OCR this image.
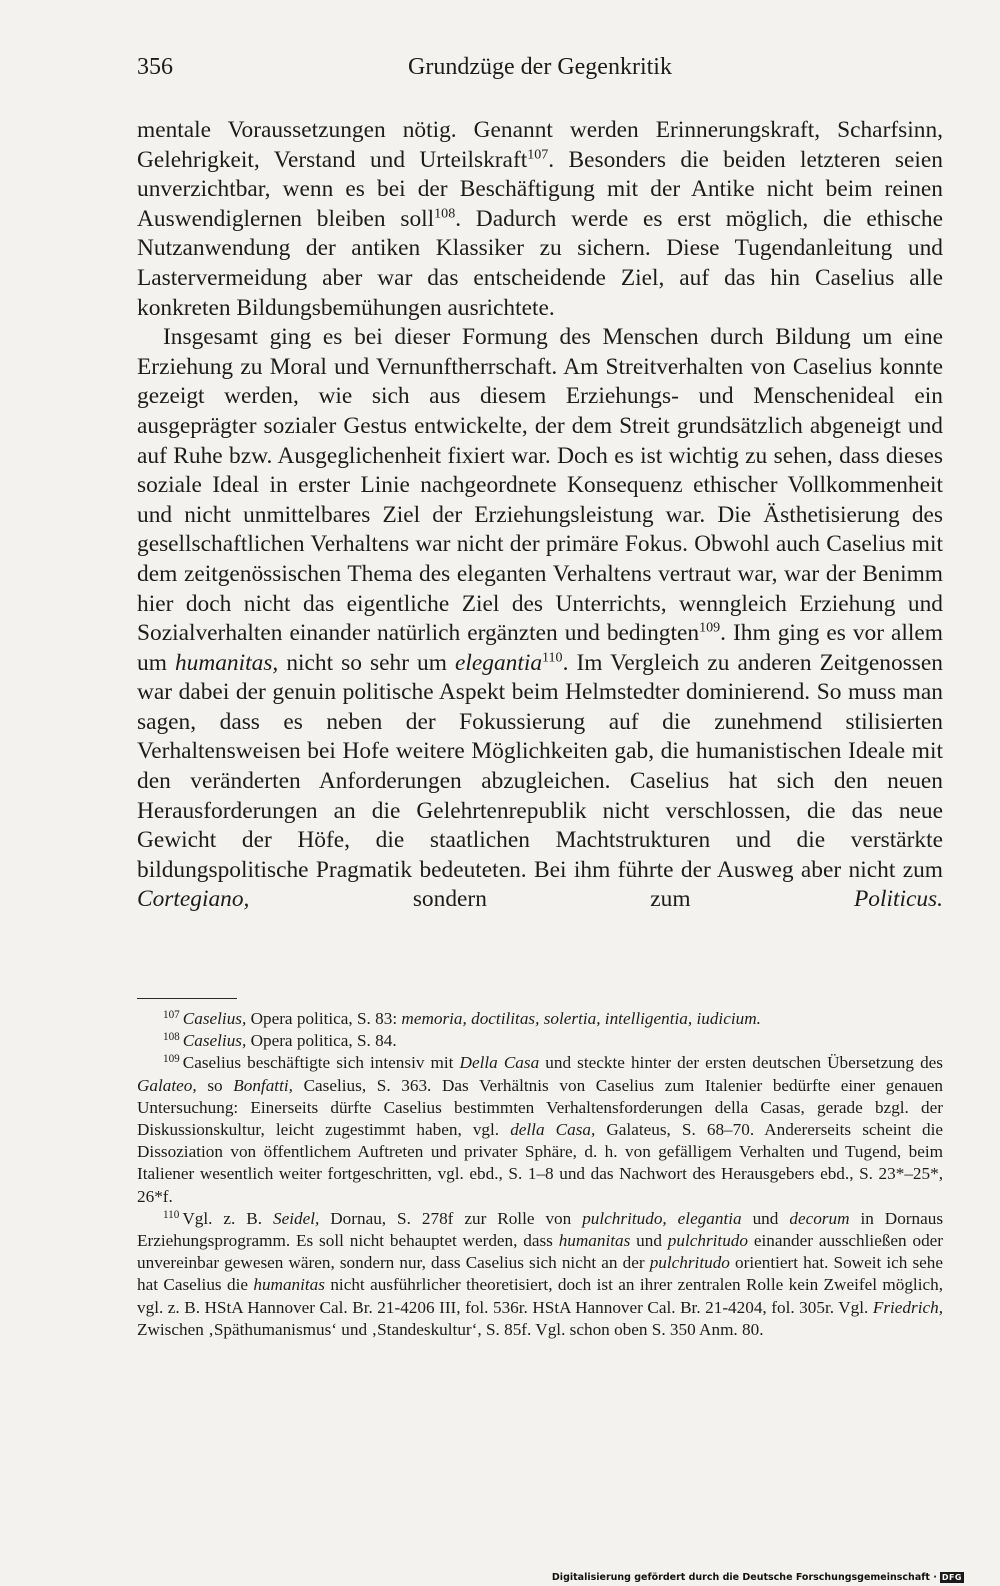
Grundzüge der Gegenkritik
356

mentale Voraussetzungen nötig. Genannt werden Erinnerungskraft, Scharfsinn, Gelehrigkeit, Verstand und Urteilskraft$^{107}$. Besonders die beiden letzteren seien unverzichtbar, wenn es bei der Beschäftigung mit der Antike nicht beim reinen Auswendiglernen bleiben soll$^{108}$. Dadurch werde es erst möglich, die ethische Nutzanwendung der antiken Klassiker zu sichern. Diese Tugendanleitung und Lastervermeidung aber war das entscheidende Ziel, auf das hin Caselius alle konkreten Bildungsbemühungen ausrichtete.

Insgesamt ging es bei dieser Formung des Menschen durch Bildung um eine Erziehung zu Moral und Vernunftherrschaft. Am Streitverhalten von Caselius konnte gezeigt werden, wie sich aus diesem Erziehungs- und Menschenideal ein ausgeprägter sozialer Gestus entwickelte, der dem Streit grundsätzlich abgeneigt und auf Ruhe bzw. Ausgeglichenheit fixiert war. Doch es ist wichtig zu sehen, dass dieses soziale Ideal in erster Linie nachgeordnete Konsequenz ethischer Vollkommenheit und nicht unmittelbares Ziel der Erziehungsleistung war. Die Ästhetisierung des gesellschaftlichen Verhaltens war nicht der primäre Fokus. Obwohl auch Caselius mit dem zeitgenössischen Thema des eleganten Verhaltens vertraut war, war der Benimm hier doch nicht das eigentliche Ziel des Unterrichts, wenngleich Erziehung und Sozialverhalten einander natürlich ergänzten und bedingten$^{109}$. Ihm ging es vor allem um humanitas, nicht so sehr um elegantia$^{110}$. Im Vergleich zu anderen Zeitgenossen war dabei der genuin politische Aspekt beim Helmstedter dominierend. So muss man sagen, dass es neben der Fokussierung auf die zunehmend stilisierten Verhaltensweisen bei Hofe weitere Möglichkeiten gab, die humanistischen Ideale mit den veränderten Anforderungen abzugleichen. Caselius hat sich den neuen Herausforderungen an die Gelehrtenrepublik nicht verschlossen, die das neue Gewicht der Höfe, die staatlichen Machtstrukturen und die verstärkte bildungspolitische Pragmatik bedeuteten. Bei ihm führte der Ausweg aber nicht zum Cortegiano, sondern zum Politicus.

$^{107}$ Caselius, Opera politica, S. 83: memoria, doctilitas, solertia, intelligentia, iudicium.

$^{108}$ Caselius, Opera politica, S. 84.

$^{109}$ Caselius beschäftigte sich intensiv mit Della Casa und steckte hinter der ersten deutschen Übersetzung des Galateo, so Bonfatti, Caselius, S. 363. Das Verhältnis von Caselius zum Italenier bedürfte einer genauen Untersuchung: Einerseits dürfte Caselius bestimmten Verhaltensforderungen della Casas, gerade bzgl. der Diskussionskultur, leicht zugestimmt haben, vgl. della Casa, Galateus, S. 68–70. Andererseits scheint die Dissoziation von öffentlichem Auftreten und privater Sphäre, d. h. von gefälligem Verhalten und Tugend, beim Italiener wesentlich weiter fortgeschritten, vgl. ebd., S. 1–8 und das Nachwort des Herausgebers ebd., S. 23*–25*, 26*f.

$^{110}$ Vgl. z. B. Seidel, Dornau, S. 278f zur Rolle von pulchritudo, elegantia und decorum in Dornaus Erziehungsprogramm. Es soll nicht behauptet werden, dass humanitas und pulchritudo einander ausschließen oder unvereinbar gewesen wären, sondern nur, dass Caselius sich nicht an der pulchritudo orientiert hat. Soweit ich sehe hat Caselius die humanitas nicht ausführlicher theoretisiert, doch ist an ihrer zentralen Rolle kein Zweifel möglich, vgl. z. B. HStA Hannover Cal. Br. 21-4206 III, fol. 536r. HStA Hannover Cal. Br. 21-4204, fol. 305r. Vgl. Friedrich, Zwischen ‚Späthumanismus‘ und ‚Standeskultur‘, S. 85f. Vgl. schon oben S. 350 Anm. 80.

Digitalisierung gefördert durch die Deutsche Forschungsgemeinschaft · DFG
